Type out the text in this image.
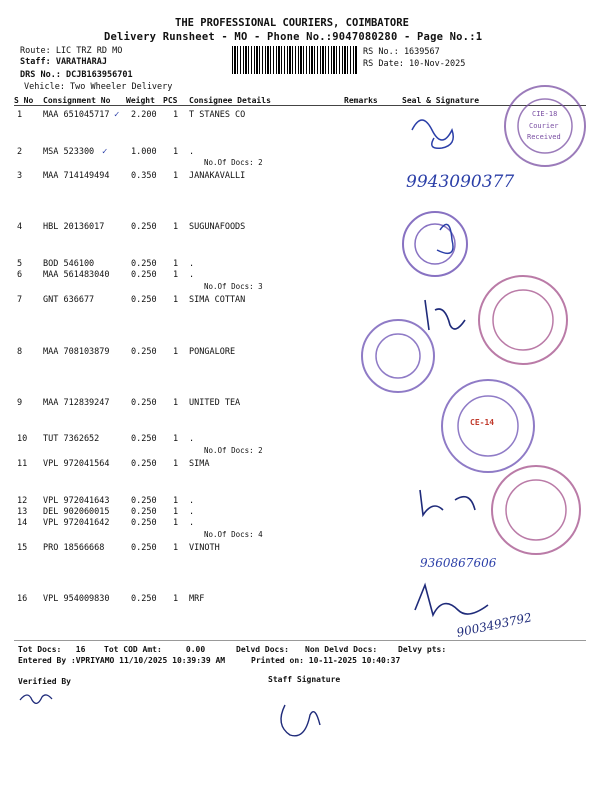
THE PROFESSIONAL COURIERS, COIMBATORE
Delivery Runsheet - MO - Phone No.:9047080280 - Page No.:1
Route: LIC TRZ RD MO
Staff: VARATHARAJ
DRS No.: DCJB163956701
Vehicle: Two Wheeler Delivery
RS No.: 1639567
RS Date: 10-Nov-2025
S No Consignment No Weight PCS Consignee Details	Remarks	Seal & Signature
1 MAA 651045717	2.200 1 T STANES CO
2 MSA 523300	1.000 1 .
No.Of Docs: 2
3 MAA 714149494	0.350 1 JANAKAVALLI
4 HBL 20136017	0.250 1 SUGUNAFOODS
5 BOD 546100	0.250 1 .
6 MAA 561483040	0.250 1 .
No.Of Docs: 3
7 GNT 636677	0.250 1 SIMA COTTAN
8 MAA 708103879	0.250 1 PONGALORE
9 MAA 712839247	0.250 1 UNITED TEA
10 TUT 7362652	0.250 1 .
No.Of Docs: 2
11 VPL 972041564	0.250 1 SIMA
12 VPL 972041643	0.250 1 .
13 DEL 902060015	0.250 1 .
14 VPL 972041642	0.250 1 .
No.Of Docs: 4
15 PRO 18566668	0.250 1 VINOTH
16 VPL 954009830	0.250 1 MRF
✓
✓
Tot Docs:   16 Tot COD Amt:     0.00	Delvd Docs: Non Delvd Docs:	Delvy pts:
Entered By :VPRIYAMO 11/10/2025 10:39:39 AM	Printed on: 10-11-2025 10:40:37
Verified By	Staff Signature
9943090377
9360867606
9003493792
CIE-18
Courier
Received
CE-14
